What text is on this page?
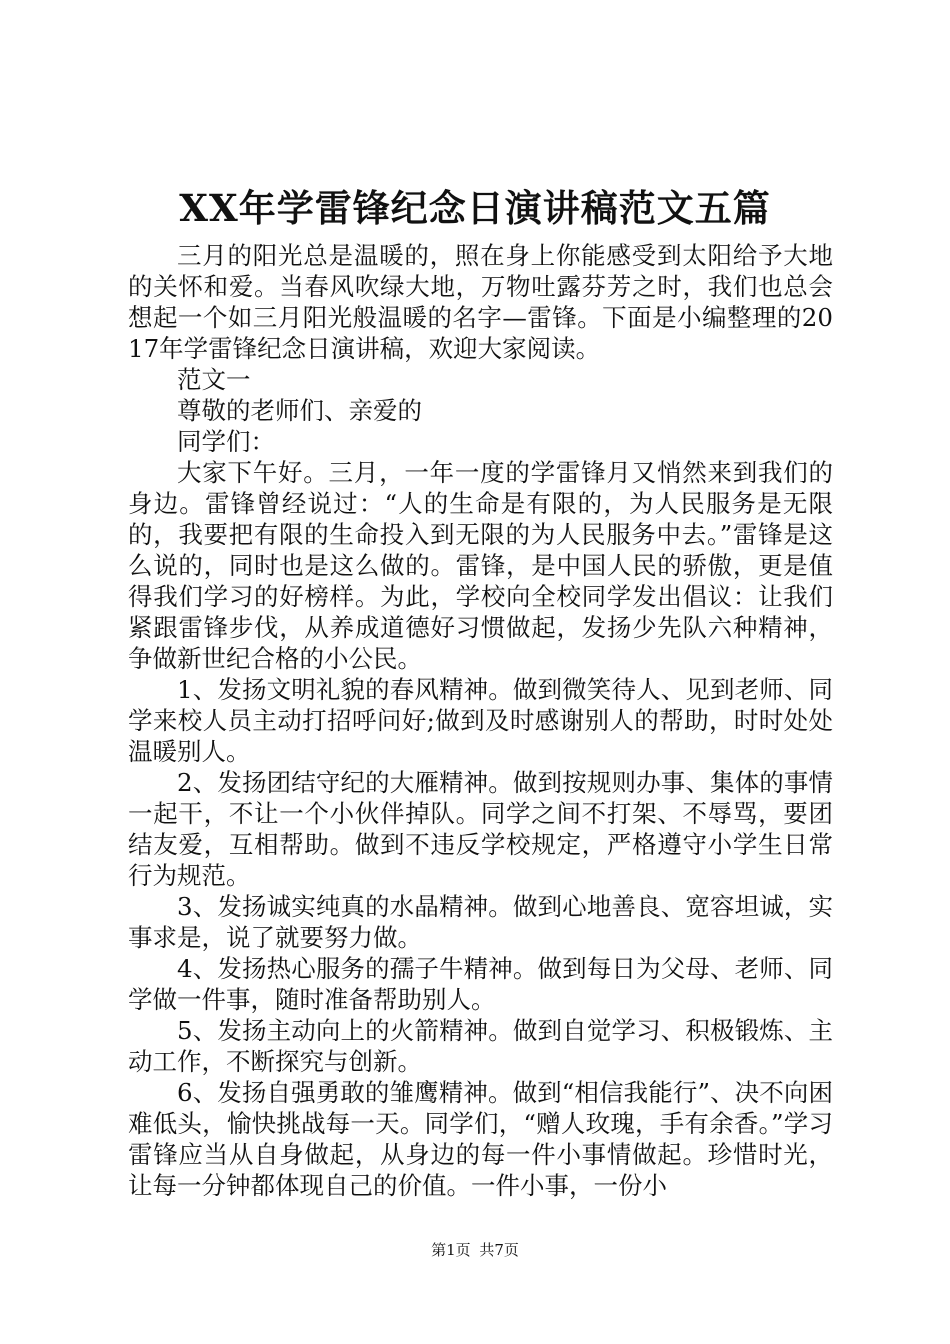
XX年学雷锋纪念日演讲稿范文五篇

三月的阳光总是温暖的，照在身上你能感受到太阳给予大地的关怀和爱。当春风吹绿大地，万物吐露芬芳之时，我们也总会想起一个如三月阳光般温暖的名字—雷锋。下面是小编整理的2017年学雷锋纪念日演讲稿，欢迎大家阅读。

范文一

尊敬的老师们、亲爱的

同学们：

大家下午好。三月，一年一度的学雷锋月又悄然来到我们的身边。雷锋曾经说过：“人的生命是有限的，为人民服务是无限的，我要把有限的生命投入到无限的为人民服务中去。”雷锋是这么说的，同时也是这么做的。雷锋，是中国人民的骄傲，更是值得我们学习的好榜样。为此，学校向全校同学发出倡议：让我们紧跟雷锋步伐，从养成道德好习惯做起，发扬少先队六种精神，争做新世纪合格的小公民。

1、发扬文明礼貌的春风精神。做到微笑待人、见到老师、同学来校人员主动打招呼问好;做到及时感谢别人的帮助，时时处处温暖别人。

2、发扬团结守纪的大雁精神。做到按规则办事、集体的事情一起干，不让一个小伙伴掉队。同学之间不打架、不辱骂，要团结友爱，互相帮助。做到不违反学校规定，严格遵守小学生日常行为规范。

3、发扬诚实纯真的水晶精神。做到心地善良、宽容坦诚，实事求是，说了就要努力做。

4、发扬热心服务的孺子牛精神。做到每日为父母、老师、同学做一件事，随时准备帮助别人。

5、发扬主动向上的火箭精神。做到自觉学习、积极锻炼、主动工作，不断探究与创新。

6、发扬自强勇敢的雏鹰精神。做到“相信我能行”、决不向困难低头，愉快挑战每一天。同学们，“赠人玫瑰，手有余香。”学习雷锋应当从自身做起，从身边的每一件小事情做起。珍惜时光，让每一分钟都体现自己的价值。一件小事，一份小

第1页 共7页
